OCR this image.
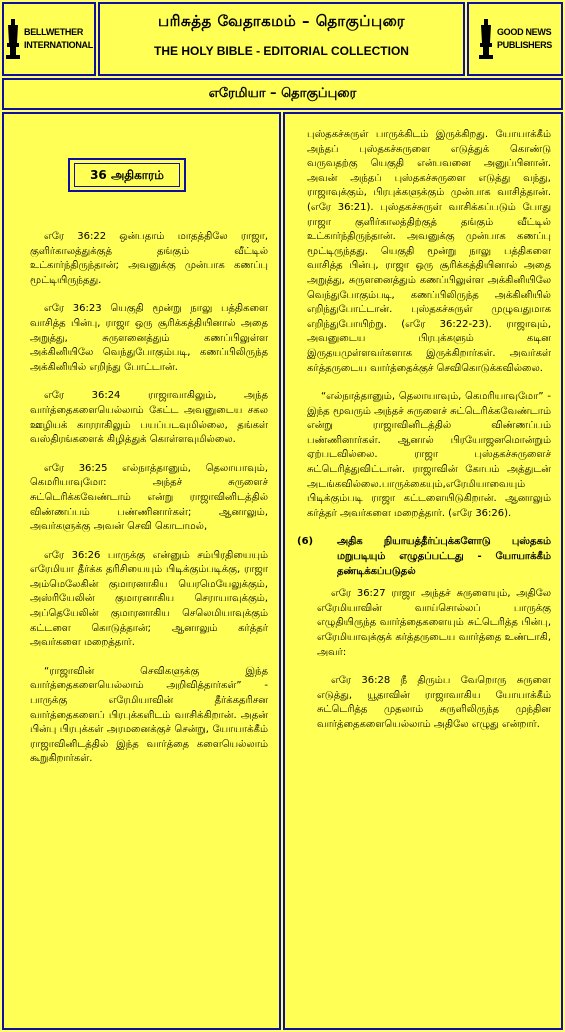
BELLWETHER
INTERNATIONAL
பரிசுத்த வேதாகமம் – தொகுப்புரை
THE HOLY BIBLE - EDITORIAL COLLECTION
GOOD NEWS
PUBLISHERS
எரேமியா – தொகுப்புரை
36 அதிகாரம்

எரே 36:22 ஒன்பதாம் மாதத்திலே ராஜா, குளிர்காலத்துக்குத் தங்கும் வீட்டில் உட்கார்ந்திருந்தான்; அவனுக்கு முன்பாக கணப்பு மூட்டியிருந்தது.

எரே 36:23 யெகுதி மூன்று நாலு பத்திகளை வாசித்த பின்பு, ராஜா ஒரு சூரிக்கத்தியினால் அதை அறுத்து, சுருளனைத்தும் கணப்பிலுள்ள அக்கினியிலே வெந்துபோகும்படி, கணப்பிலிருந்த அக்கினியில் எறிந்து போட்டான்.

எரே 36:24 ராஜாவாகிலும், அந்த வார்த்தைகளையெல்லாம் கேட்ட அவனுடைய சகல ஊழியக் காரராகிலும் பயப்படவுமில்லை, தங்கள் வஸ்திரங்களைக் கிழித்துக் கொள்ளவுமில்லை.

எரே 36:25 எல்நாத்தானும், தெலாயாவும், கெமரியாவுமோ: அந்தச் சுருளைச் சுட்டெரிக்கவேண்டாம் என்று ராஜாவினிடத்தில் விண்ணப்பம் பண்ணினார்கள்; ஆனாலும், அவர்களுக்கு அவன் செவி கொடாமல்,

எரே 36:26 பாருக்கு என்னும் சம்பிரதியையும் எரேமியா தீர்க்க தரிசியையும் பிடிக்கும்படிக்கு, ராஜா அம்மெலேகின் குமாரனாகிய யெரமெயேலுக்கும், அஸ்ரியேலின் குமாரனாகிய செராயாவுக்கும், அப்தெயேலின் குமாரனாகிய செலெமியாவுக்கும் கட்டளை கொடுத்தான்; ஆனாலும் கர்த்தர் அவர்களை மறைத்தார்.

“ராஜாவின் செவிகளுக்கு இந்த வார்த்தைகளையெல்லாம் அறிவித்தார்கள்” - பாருக்கு எரேமியாவின் தீர்க்கதரிசன வார்த்தைகளைப் பிரபுக்களிடம் வாசிக்கிறான். அதன் பின்பு பிரபுக்கள் அரமனைக்குச் சென்று, யோயாக்கீம் ராஜாவினிடத்தில் இந்த வார்த்தை களையெல்லாம் கூறுகிறார்கள்.

புஸ்தகச்சுருள் பாருக்கிடம் இருக்கிறது. யோயாக்கீம் அந்தப் புஸ்தகச்சுருளை எடுத்துக் கொண்டு வருவதற்கு யெகுதி என்பவனை அனுப்பினான். அவன் அந்தப் புஸ்தகச்சுருளை எடுத்து வந்து, ராஜாவுக்கும், பிரபுக்களுக்கும் முன்பாக வாசித்தான். (எரே 36:21). புஸ்தகச்சுருள் வாசிக்கப்படும் போது ராஜா குளிர்காலத்திற்குத் தங்கும் வீட்டில் உட்கார்ந்திருந்தான். அவனுக்கு முன்பாக கணப்பு மூட்டிருந்தது. யெகுதி மூன்று நாலு பத்திகளை வாசித்த பின்பு, ராஜா ஒரு சூரிக்கத்தியினால் அதை அறுத்து, சுருளனைத்தும் கணப்பிலுள்ள அக்கினியிலே வெந்துபோகும்படி, கணப்பிலிருந்த அக்கினியில் எறிந்துபோட்டான். புஸ்தகச்சுருள் முழுவதுமாக எறிந்துபோயிற்று. (எரே 36:22-23). ராஜாவும், அவனுடைய பிரபுக்களும் கடின இருதயமுள்ளவர்களாக இருக்கிறார்கள். அவர்கள் கர்த்தருடைய வார்த்தைக்குச் செவிகொடுக்கவில்லை.

“எல்நாத்தானும், தெலாயாவும், கெமரியாவுமோ” - இந்த மூவரும் அந்தச் சுருளைச் சுட்டெரிக்கவேண்டாம் என்று ராஜாவினிடத்தில் விண்ணப்பம் பண்ணினார்கள். ஆனால் பிரயோஜனமொன்றும் ஏற்படவில்லை. ராஜா புஸ்தகச்சுருளைச் சுட்டெரித்துவிட்டான். ராஜாவின் கோபம் அத்துடன் அடங்கவில்லை.பாருக்கையும்,எரேமியாவையும் பிடிக்கும்படி ராஜா கட்டளையிடுகிறான். ஆனாலும் கர்த்தர் அவர்களை மறைத்தார். (எரே 36:26).

(6)	அதிக நியாயத்தீர்ப்புக்களோடு புஸ்தகம் மறுபடியும் எழுதப்பட்டது - யோயாக்கீம் தண்டிக்கப்படுதல்

எரே 36:27 ராஜா அந்தச் சுருளையும், அதிலே எரேமியாவின் வாய்சொல்லப் பாருக்கு எழுதியிருந்த வார்த்தைகளையும் சுட்டெரித்த பின்பு, எரேமியாவுக்குக் கர்த்தருடைய வார்த்தை உண்டாகி, அவர்:

எரே 36:28 நீ திரும்ப வேறொரு சுருளை எடுத்து, யூதாவின் ராஜாவாகிய யோயாக்கீம் சுட்டெரித்த முதலாம் சுருளிலிருந்த முந்தின வார்த்தைகளையெல்லாம் அதிலே எழுது என்றார்.
